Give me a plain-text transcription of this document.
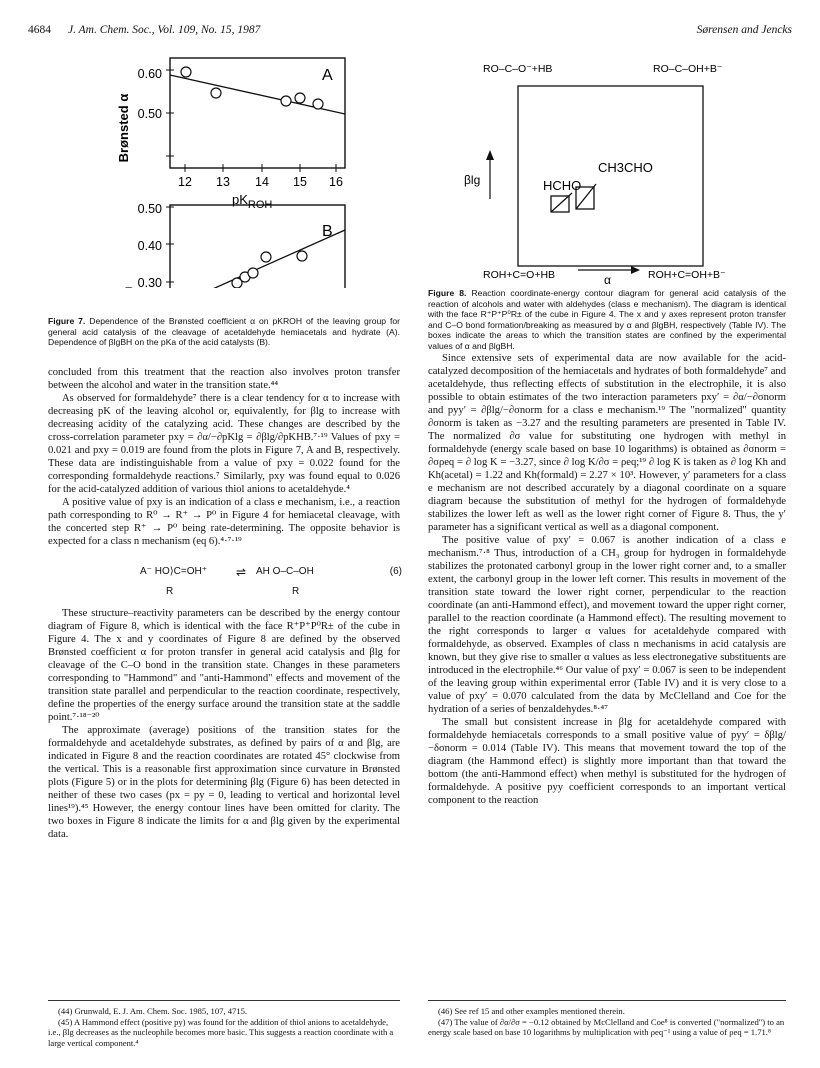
4684 J. Am. Chem. Soc., Vol. 109, No. 15, 1987	Sørensen and Jencks
Brønsted α
0.60
0.50
12 13 14 15 16
$pK_{ROH}$
A
0.50
0.40
0.30
B
Figure 7. Dependence of the Brønsted coefficient α on pKROH of the leaving group for general acid catalysis of the cleavage of acetaldehyde hemiacetals and hydrate (A). Dependence of βlgBH on the pKa of the acid catalysts (B).
RO–C–O⁻+HB	RO–C–OH+B⁻
βlg	HCHO
CH3CHO
ROH+C=O+HB	α	ROH+C=OH+B⁻
Figure 8. Reaction coordinate-energy contour diagram for general acid catalysis of the reaction of alcohols and water with aldehydes (class e mechanism). The diagram is identical with the face R⁺P⁺P⁰R± of the cube in Figure 4. The x and y axes represent proton transfer and C–O bond formation/breaking as measured by α and βlgBH, respectively (Table IV). The boxes indicate the areas to which the transition states are confined by the experimental values of α and βlgBH.

concluded from this treatment that the reaction also involves proton transfer between the alcohol and water in the transition state.⁴⁴

As observed for formaldehyde⁷ there is a clear tendency for α to increase with decreasing pK of the leaving alcohol or, equivalently, for βlg to increase with decreasing acidity of the catalyzing acid. These changes are described by the cross-correlation parameter pxy = ∂α/−∂pKlg = ∂βlg/∂pKHB.⁷·¹⁹ Values of pxy = 0.021 and pxy = 0.019 are found from the plots in Figure 7, A and B, respectively. These data are indistinguishable from a value of pxy = 0.022 found for the corresponding formaldehyde reactions.⁷ Similarly, pxy was found equal to 0.026 for the acid-catalyzed addition of various thiol anions to acetaldehyde.⁴

A positive value of pxy is an indication of a class e mechanism, i.e., a reaction path corresponding to R⁰ → R⁺ → P⁰ in Figure 4 for hemiacetal cleavage, with the concerted step R⁺ → P⁰ being rate-determining. The opposite behavior is expected for a class n mechanism (eq 6).⁴·⁷·¹⁹

A⁻ HO⟩C=OH⁺ ⇌ AH O–C–OH
R	R
(6)

These structure–reactivity parameters can be described by the energy contour diagram of Figure 8, which is identical with the face R⁺P⁺P⁰R± of the cube in Figure 4. The x and y coordinates of Figure 8 are defined by the observed Brønsted coefficient α for proton transfer in general acid catalysis and βlg for cleavage of the C–O bond in the transition state. Changes in these parameters corresponding to "Hammond" and "anti-Hammond" effects and movement of the transition state parallel and perpendicular to the reaction coordinate, respectively, define the properties of the energy surface around the transition state at the saddle point.⁷·¹⁸⁻²⁰

The approximate (average) positions of the transition states for the formaldehyde and acetaldehyde substrates, as defined by pairs of α and βlg, are indicated in Figure 8 and the reaction coordinates are rotated 45° clockwise from the vertical. This is a reasonable first approximation since curvature in Brønsted plots (Figure 5) or in the plots for determining βlg (Figure 6) has been detected in neither of these two cases (px = py = 0, leading to vertical and horizontal level lines¹⁹).⁴⁵ However, the energy contour lines have been omitted for clarity. The two boxes in Figure 8 indicate the limits for α and βlg given by the experimental data.

Since extensive sets of experimental data are now available for the acid-catalyzed decomposition of the hemiacetals and hydrates of both formaldehyde⁷ and acetaldehyde, thus reflecting effects of substitution in the electrophile, it is also possible to obtain estimates of the two interaction parameters pxy′ = ∂α/−∂σnorm and pyy′ = ∂βlg/−∂σnorm for a class e mechanism.¹⁹ The "normalized" quantity ∂σnorm is taken as −3.27 and the resulting parameters are presented in Table IV. The normalized ∂σ value for substituting one hydrogen with methyl in formaldehyde (energy scale based on base 10 logarithms) is obtained as ∂σnorm = ∂σρeq = ∂ log K = −3.27, since ∂ log K/∂σ = ρeq;¹⁹ ∂ log K is taken as ∂ log Kh and Kh(acetal) = 1.22 and Kh(formald) = 2.27 × 10³. However, y′ parameters for a class e mechanism are not described accurately by a diagonal coordinate on a square diagram because the substitution of methyl for the hydrogen of formaldehyde stabilizes the lower left as well as the lower right corner of Figure 8. Thus, the y′ parameter has a significant vertical as well as a diagonal component.

The positive value of pxy′ = 0.067 is another indication of a class e mechanism.⁷·⁸ Thus, introduction of a CH₃ group for hydrogen in formaldehyde stabilizes the protonated carbonyl group in the lower right corner and, to a smaller extent, the carbonyl group in the lower left corner. This results in movement of the transition state toward the lower right corner, perpendicular to the reaction coordinate (an anti-Hammond effect), and movement toward the upper right corner, parallel to the reaction coordinate (a Hammond effect). The resulting movement to the right corresponds to larger α values for acetaldehyde compared with formaldehyde, as observed. Examples of class n mechanisms in acid catalysis are known, but they give rise to smaller α values as less electronegative substituents are introduced in the electrophile.⁴⁶ Our value of pxy′ = 0.067 is seen to be independent of the leaving group within experimental error (Table IV) and it is very close to a value of pxy′ = 0.070 calculated from the data by McClelland and Coe for the hydration of a series of benzaldehydes.⁸·⁴⁷

The small but consistent increase in βlg for acetaldehyde compared with formaldehyde hemiacetals corresponds to a small positive value of pyy′ = δβlg/−δσnorm = 0.014 (Table IV). This means that movement toward the top of the diagram (the Hammond effect) is slightly more important than that toward the bottom (the anti-Hammond effect) when methyl is substituted for the hydrogen of formaldehyde. A positive pyy coefficient corresponds to an important vertical component to the reaction

(44) Grunwald, E. J. Am. Chem. Soc. 1985, 107, 4715.

(45) A Hammond effect (positive py) was found for the addition of thiol anions to acetaldehyde, i.e., βlg decreases as the nucleophile becomes more basic. This suggests a reaction coordinate with a large vertical component.⁴

(46) See ref 15 and other examples mentioned therein.

(47) The value of ∂α/∂σ = −0.12 obtained by McClelland and Coe⁸ is converted ("normalized") to an energy scale based on base 10 logarithms by multiplication with ρeq⁻¹ using a value of ρeq = 1.71.⁸
